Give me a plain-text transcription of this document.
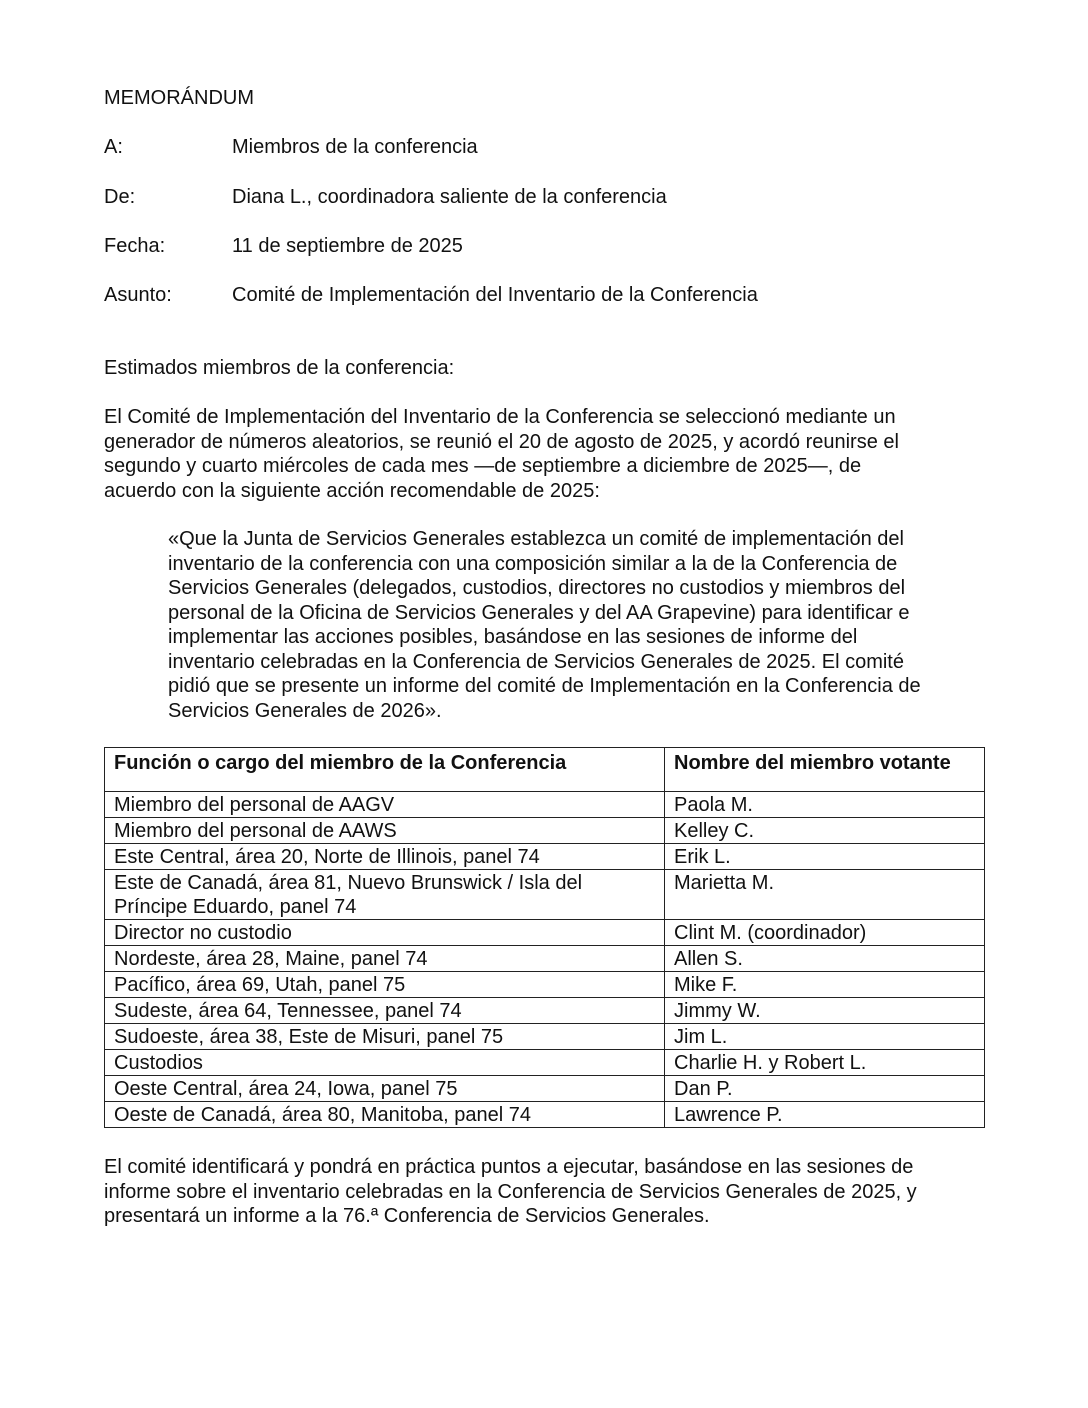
MEMORÁNDUM
A:	Miembros de la conferencia
De:	Diana L., coordinadora saliente de la conferencia
Fecha:	11 de septiembre de 2025
Asunto:	Comité de Implementación del Inventario de la Conferencia
Estimados miembros de la conferencia:
El Comité de Implementación del Inventario de la Conferencia se seleccionó mediante un
generador de números aleatorios, se reunió el 20 de agosto de 2025, y acordó reunirse el
segundo y cuarto miércoles de cada mes —de septiembre a diciembre de 2025—, de
acuerdo con la siguiente acción recomendable de 2025:
«Que la Junta de Servicios Generales establezca un comité de implementación del
inventario de la conferencia con una composición similar a la de la Conferencia de
Servicios Generales (delegados, custodios, directores no custodios y miembros del
personal de la Oficina de Servicios Generales y del AA Grapevine) para identificar e
implementar las acciones posibles, basándose en las sesiones de informe del
inventario celebradas en la Conferencia de Servicios Generales de 2025. El comité
pidió que se presente un informe del comité de Implementación en la Conferencia de
Servicios Generales de 2026».
Función o cargo del miembro de la Conferencia	Nombre del miembro votante
Miembro del personal de AAGV	Paola M.
Miembro del personal de AAWS	Kelley C.
Este Central, área 20, Norte de Illinois, panel 74	Erik L.

Este de Canadá, área 81, Nuevo Brunswick / Isla del
Príncipe Eduardo, panel 74	Marietta M.
Director no custodio	Clint M. (coordinador)
Nordeste, área 28, Maine, panel 74	Allen S.
Pacífico, área 69, Utah, panel 75	Mike F.
Sudeste, área 64, Tennessee, panel 74	Jimmy W.
Sudoeste, área 38, Este de Misuri, panel 75	Jim L.
Custodios	Charlie H. y Robert L.
Oeste Central, área 24, Iowa, panel 75	Dan P.
Oeste de Canadá, área 80, Manitoba, panel 74	Lawrence P.
El comité identificará y pondrá en práctica puntos a ejecutar, basándose en las sesiones de
informe sobre el inventario celebradas en la Conferencia de Servicios Generales de 2025, y
presentará un informe a la 76.ª Conferencia de Servicios Generales.
